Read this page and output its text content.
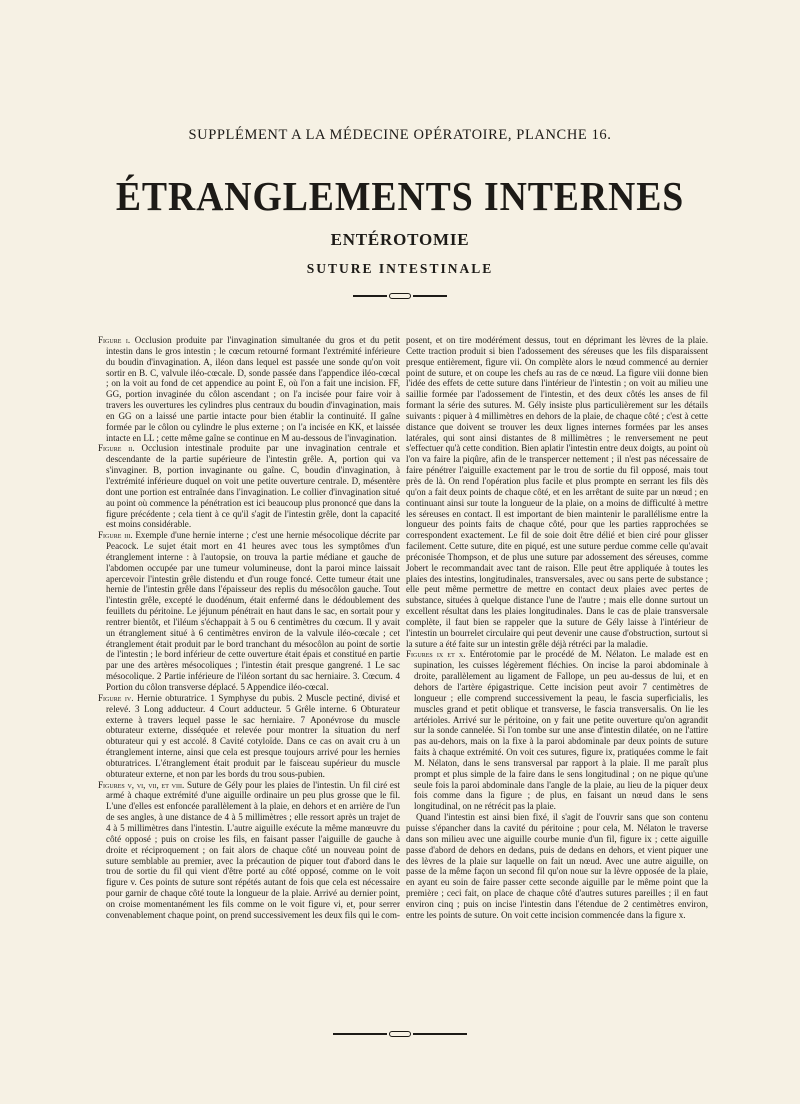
SUPPLÉMENT A LA MÉDECINE OPÉRATOIRE, PLANCHE 16.
ÉTRANGLEMENTS INTERNES
ENTÉROTOMIE
SUTURE INTESTINALE

Figure i. Occlusion produite par l'invagination simultanée du gros et du petit intestin dans le gros intestin ; le cœcum retourné formant l'extrémité inférieure du boudin d'invagination. A, iléon dans lequel est passée une sonde qu'on voit sortir en B. C, valvule iléo-cœcale. D, sonde passée dans l'appendice iléo-cœcal ; on la voit au fond de cet appendice au point E, où l'on a fait une incision. FF, GG, portion invaginée du côlon ascendant ; on l'a incisée pour faire voir à travers les ouvertures les cylindres plus centraux du boudin d'invagination, mais en GG on a laissé une partie intacte pour bien établir la continuité. II gaîne formée par le côlon ou cylindre le plus externe ; on l'a incisée en KK, et laissée intacte en LL ; cette même gaîne se continue en M au-dessous de l'invagination.

Figure ii. Occlusion intestinale produite par une invagination centrale et descendante de la partie supérieure de l'intestin grêle. A, portion qui va s'invaginer. B, portion invaginante ou gaîne. C, boudin d'invagination, à l'extrémité inférieure duquel on voit une petite ouverture centrale. D, mésentère dont une portion est entraînée dans l'invagination. Le collier d'invagination situé au point où commence la pénétration est ici beaucoup plus prononcé que dans la figure précédente ; cela tient à ce qu'il s'agit de l'intestin grêle, dont la capacité est moins considérable.

Figure iii. Exemple d'une hernie interne ; c'est une hernie mésocolique décrite par Peacock. Le sujet était mort en 41 heures avec tous les symptômes d'un étranglement interne : à l'autopsie, on trouva la partie médiane et gauche de l'abdomen occupée par une tumeur volumineuse, dont la paroi mince laissait apercevoir l'intestin grêle distendu et d'un rouge foncé. Cette tumeur était une hernie de l'intestin grêle dans l'épaisseur des replis du mésocôlon gauche. Tout l'intestin grêle, excepté le duodénum, était enfermé dans le dédoublement des feuillets du péritoine. Le jéjunum pénétrait en haut dans le sac, en sortait pour y rentrer bientôt, et l'iléum s'échappait à 5 ou 6 centimètres du cœcum. Il y avait un étranglement situé à 6 centimètres environ de la valvule iléo-cœcale ; cet étranglement était produit par le bord tranchant du mésocôlon au point de sortie de l'intestin ; le bord inférieur de cette ouverture était épais et constitué en partie par une des artères mésocoliques ; l'intestin était presque gangrené. 1 Le sac mésocolique. 2 Partie inférieure de l'iléon sortant du sac herniaire. 3. Cœcum. 4 Portion du côlon transverse déplacé. 5 Appendice iléo-cœcal.

Figure iv. Hernie obturatrice. 1 Symphyse du pubis. 2 Muscle pectiné, divisé et relevé. 3 Long adducteur. 4 Court adducteur. 5 Grêle interne. 6 Obturateur externe à travers lequel passe le sac herniaire. 7 Aponévrose du muscle obturateur externe, disséquée et relevée pour montrer la situation du nerf obturateur qui y est accolé. 8 Cavité cotyloïde. Dans ce cas on avait cru à un étranglement interne, ainsi que cela est presque toujours arrivé pour les hernies obturatrices. L'étranglement était produit par le faisceau supérieur du muscle obturateur externe, et non par les bords du trou sous-pubien.

Figures v, vi, vii, et viii. Suture de Gély pour les plaies de l'intestin. Un fil ciré est armé à chaque extrémité d'une aiguille ordinaire un peu plus grosse que le fil. L'une d'elles est enfoncée parallèlement à la plaie, en dehors et en arrière de l'un de ses angles, à une distance de 4 à 5 millimètres ; elle ressort après un trajet de 4 à 5 millimètres dans l'intestin. L'autre aiguille exécute la même manœuvre du côté opposé ; puis on croise les fils, en faisant passer l'aiguille de gauche à droite et réciproquement ; on fait alors de chaque côté un nouveau point de suture semblable au premier, avec la précaution de piquer tout d'abord dans le trou de sortie du fil qui vient d'être porté au côté opposé, comme on le voit figure v. Ces points de suture sont répétés autant de fois que cela est nécessaire pour garnir de chaque côté toute la longueur de la plaie. Arrivé au dernier point, on croise momentanément les fils comme on le voit figure vi, et, pour serrer convenablement chaque point, on prend successivement les deux fils qui le com-

posent, et on tire modérément dessus, tout en déprimant les lèvres de la plaie. Cette traction produit si bien l'adossement des séreuses que les fils disparaissent presque entièrement, figure vii. On complète alors le nœud commencé au dernier point de suture, et on coupe les chefs au ras de ce nœud. La figure viii donne bien l'idée des effets de cette suture dans l'intérieur de l'intestin ; on voit au milieu une saillie formée par l'adossement de l'intestin, et des deux côtés les anses de fil formant la série des sutures. M. Gély insiste plus particulièrement sur les détails suivants : piquer à 4 millimètres en dehors de la plaie, de chaque côté ; c'est à cette distance que doivent se trouver les deux lignes internes formées par les anses latérales, qui sont ainsi distantes de 8 millimètres ; le renversement ne peut s'effectuer qu'à cette condition. Bien aplatir l'intestin entre deux doigts, au point où l'on va faire la piqûre, afin de le transpercer nettement ; il n'est pas nécessaire de faire pénétrer l'aiguille exactement par le trou de sortie du fil opposé, mais tout près de là. On rend l'opération plus facile et plus prompte en serrant les fils dès qu'on a fait deux points de chaque côté, et en les arrêtant de suite par un nœud ; en continuant ainsi sur toute la longueur de la plaie, on a moins de difficulté à mettre les séreuses en contact. Il est important de bien maintenir le parallélisme entre la longueur des points faits de chaque côté, pour que les parties rapprochées se correspondent exactement. Le fil de soie doit être délié et bien ciré pour glisser facilement. Cette suture, dite en piqué, est une suture perdue comme celle qu'avait préconisée Thompson, et de plus une suture par adossement des séreuses, comme Jobert le recommandait avec tant de raison. Elle peut être appliquée à toutes les plaies des intestins, longitudinales, transversales, avec ou sans perte de substance ; elle peut même permettre de mettre en contact deux plaies avec pertes de substance, situées à quelque distance l'une de l'autre ; mais elle donne surtout un excellent résultat dans les plaies longitudinales. Dans le cas de plaie transversale complète, il faut bien se rappeler que la suture de Gély laisse à l'intérieur de l'intestin un bourrelet circulaire qui peut devenir une cause d'obstruction, surtout si la suture a été faite sur un intestin grêle déjà rétréci par la maladie.

Figures ix et x. Entérotomie par le procédé de M. Nélaton. Le malade est en supination, les cuisses légèrement fléchies. On incise la paroi abdominale à droite, parallèlement au ligament de Fallope, un peu au-dessus de lui, et en dehors de l'artère épigastrique. Cette incision peut avoir 7 centimètres de longueur ; elle comprend successivement la peau, le fascia superficialis, les muscles grand et petit oblique et transverse, le fascia transversalis. On lie les artérioles. Arrivé sur le péritoine, on y fait une petite ouverture qu'on agrandit sur la sonde cannelée. Si l'on tombe sur une anse d'intestin dilatée, on ne l'attire pas au-dehors, mais on la fixe à la paroi abdominale par deux points de suture faits à chaque extrémité. On voit ces sutures, figure ix, pratiquées comme le fait M. Nélaton, dans le sens transversal par rapport à la plaie. Il me paraît plus prompt et plus simple de la faire dans le sens longitudinal ; on ne pique qu'une seule fois la paroi abdominale dans l'angle de la plaie, au lieu de la piquer deux fois comme dans la figure ; de plus, en faisant un nœud dans le sens longitudinal, on ne rétrécit pas la plaie.

Quand l'intestin est ainsi bien fixé, il s'agit de l'ouvrir sans que son contenu puisse s'épancher dans la cavité du péritoine ; pour cela, M. Nélaton le traverse dans son milieu avec une aiguille courbe munie d'un fil, figure ix ; cette aiguille passe d'abord de dehors en dedans, puis de dedans en dehors, et vient piquer une des lèvres de la plaie sur laquelle on fait un nœud. Avec une autre aiguille, on passe de la même façon un second fil qu'on noue sur la lèvre opposée de la plaie, en ayant eu soin de faire passer cette seconde aiguille par le même point que la première ; ceci fait, on place de chaque côté d'autres sutures pareilles ; il en faut environ cinq ; puis on incise l'intestin dans l'étendue de 2 centimètres environ, entre les points de suture. On voit cette incision commencée dans la figure x.
